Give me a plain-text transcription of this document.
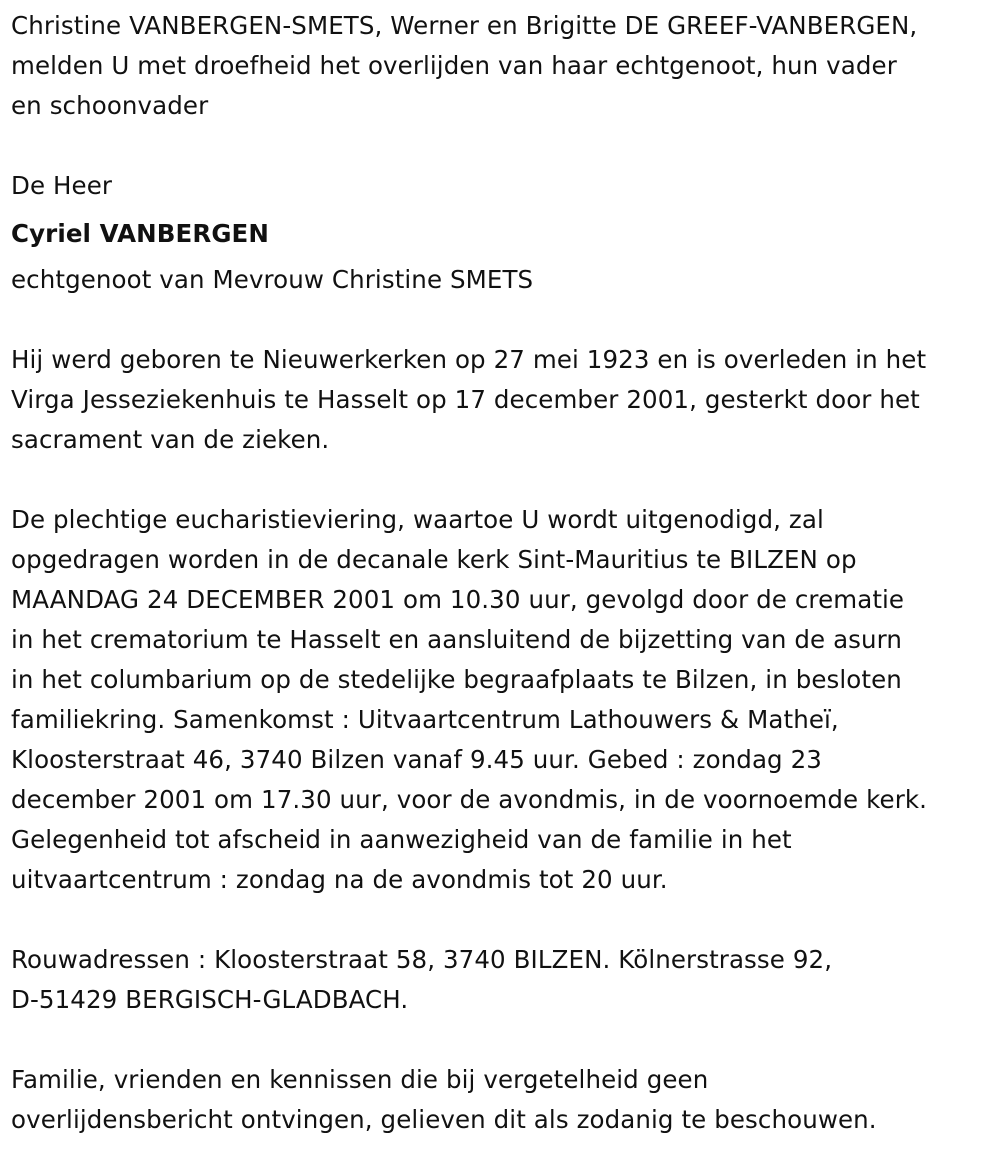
Christine VANBERGEN-SMETS, Werner en Brigitte DE GREEF-VANBERGEN,
melden U met droefheid het overlijden van haar echtgenoot, hun vader
en schoonvader
De Heer
Cyriel VANBERGEN
echtgenoot van Mevrouw Christine SMETS
Hij werd geboren te Nieuwerkerken op 27 mei 1923 en is overleden in het
Virga Jesseziekenhuis te Hasselt op 17 december 2001, gesterkt door het
sacrament van de zieken.
De plechtige eucharistieviering, waartoe U wordt uitgenodigd, zal
opgedragen worden in de decanale kerk Sint-Mauritius te BILZEN op
MAANDAG 24 DECEMBER 2001 om 10.30 uur, gevolgd door de crematie
in het crematorium te Hasselt en aansluitend de bijzetting van de asurn
in het columbarium op de stedelijke begraafplaats te Bilzen, in besloten
familiekring. Samenkomst : Uitvaartcentrum Lathouwers & Matheï,
Kloosterstraat 46, 3740 Bilzen vanaf 9.45 uur. Gebed : zondag 23
december 2001 om 17.30 uur, voor de avondmis, in de voornoemde kerk.
Gelegenheid tot afscheid in aanwezigheid van de familie in het
uitvaartcentrum : zondag na de avondmis tot 20 uur.
Rouwadressen : Kloosterstraat 58, 3740 BILZEN. Kölnerstrasse 92,
D-51429 BERGISCH-GLADBACH.
Familie, vrienden en kennissen die bij vergetelheid geen
overlijdensbericht ontvingen, gelieven dit als zodanig te beschouwen.
